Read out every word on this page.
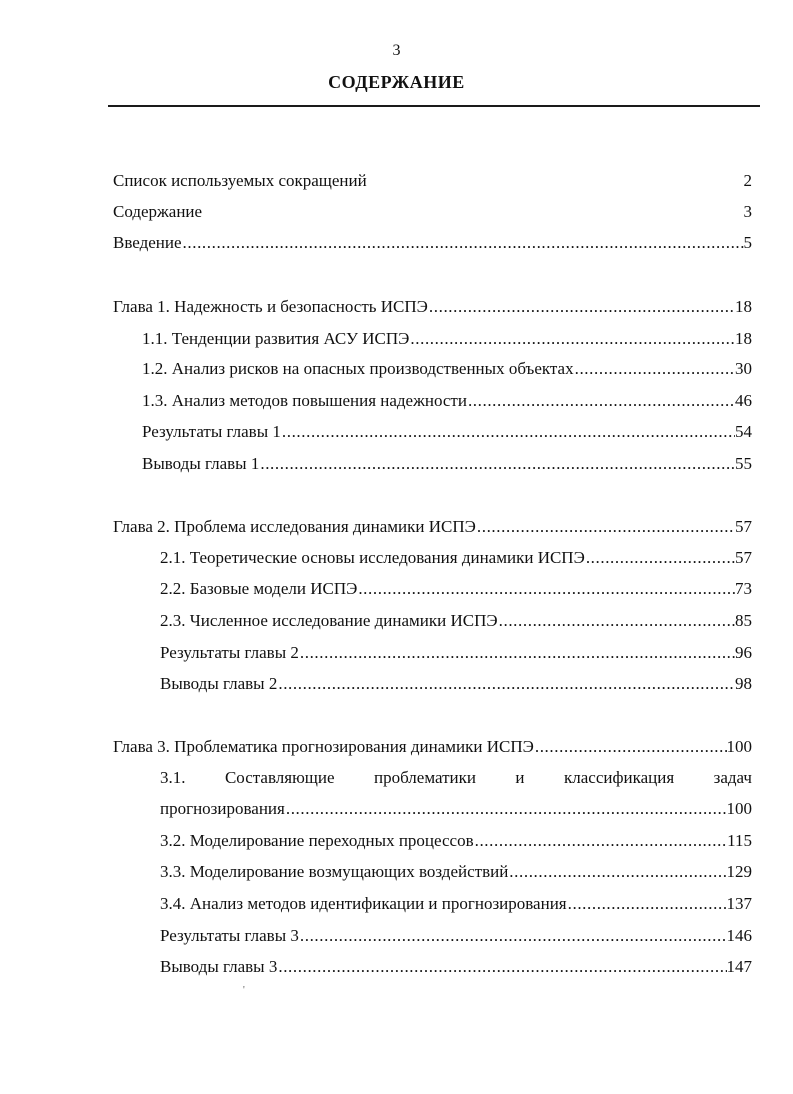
3
СОДЕРЖАНИЕ
Список используемых сокращений	2
Содержание	3
Введение .....	5
Глава 1. Надежность и безопасность ИСПЭ .....	18
1.1. Тенденции развития АСУ ИСПЭ .....	18
1.2. Анализ рисков на опасных производственных объектах .....	30
1.3. Анализ методов повышения надежности .....	46
Результаты главы 1 .....	54
Выводы главы 1 .....	55
Глава 2. Проблема исследования динамики ИСПЭ .....	57
2.1. Теоретические основы исследования динамики ИСПЭ .....	57
2.2. Базовые модели ИСПЭ .....	73
2.3. Численное исследование динамики ИСПЭ .....	85
Результаты главы 2 .....	96
Выводы главы 2 .....	98
Глава 3. Проблематика прогнозирования динамики ИСПЭ .....	100
3.1. Составляющие проблематики и классификация задач
прогнозирования .....	100
3.2. Моделирование переходных процессов .....	115
3.3. Моделирование возмущающих воздействий .....	129
3.4. Анализ методов идентификации и прогнозирования .....	137
Результаты главы 3 .....	146
Выводы главы 3 .....	147
'
